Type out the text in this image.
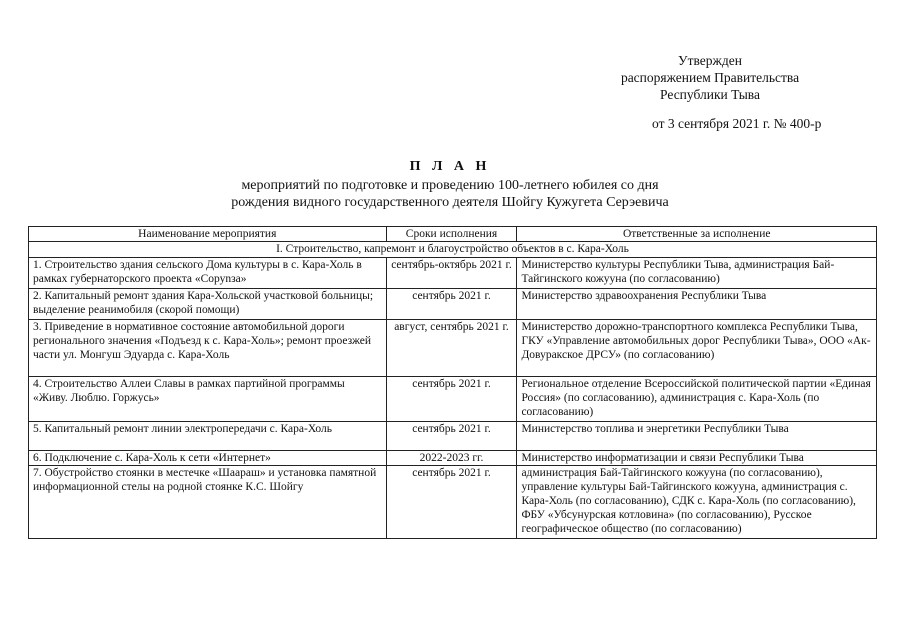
Утвержден
распоряжением Правительства
Республики Тыва
от 3 сентября 2021 г. № 400-р
П Л А Н
мероприятий по подготовке и проведению 100-летнего юбилея со дня
рождения видного государственного деятеля Шойгу Кужугета Серэевича
Наименование мероприятия	Сроки исполнения	Ответственные за исполнение
I. Строительство, капремонт и благоустройство объектов в с. Кара-Холь		
1. Строительство здания сельского Дома культуры в с. Кара-Холь в рамках губернаторского проекта «Соруnза»	сентябрь-октябрь 2021 г.	Министерство культуры Республики Тыва, администрация Бай-Тайгинского кожууна (по согласованию)
2. Капитальный ремонт здания Кара-Хольской участковой больницы; выделение реанимобиля (скорой помощи)	сентябрь 2021 г.	Министерство здравоохранения Республики Тыва
3. Приведение в нормативное состояние автомобильной дороги регионального значения «Подъезд к с. Кара-Холь»; ремонт проезжей части ул. Монгуш Эдуарда с. Кара-Холь	август, сентябрь 2021 г.	Министерство дорожно-транспортного комплекса Республики Тыва, ГКУ «Управление автомобильных дорог Республики Тыва», ООО «Ак-Довуракское ДРСУ» (по согласованию)
4. Строительство Аллеи Славы в рамках партийной программы «Живу. Люблю. Горжусь»	сентябрь 2021 г.	Региональное отделение Всероссийской политической партии «Единая Россия» (по согласованию), администрация с. Кара-Холь (по согласованию)
5. Капитальный ремонт линии электропередачи с. Кара-Холь	сентябрь 2021 г.	Министерство топлива и энергетики Республики Тыва
6. Подключение с. Кара-Холь к сети «Интернет»	2022-2023 гг.	Министерство информатизации и связи Республики Тыва
7. Обустройство стоянки в местечке «Шаараш» и установка памятной информационной стелы на родной стоянке К.С. Шойгу	сентябрь 2021 г.	администрация Бай-Тайгинского кожууна (по согласованию), управление культуры Бай-Тайгинского кожууна, администрация с. Кара-Холь (по согласованию), СДК с. Кара-Холь (по согласованию), ФБУ «Убсунурская котловина» (по согласованию), Русское географическое общество (по согласованию)
